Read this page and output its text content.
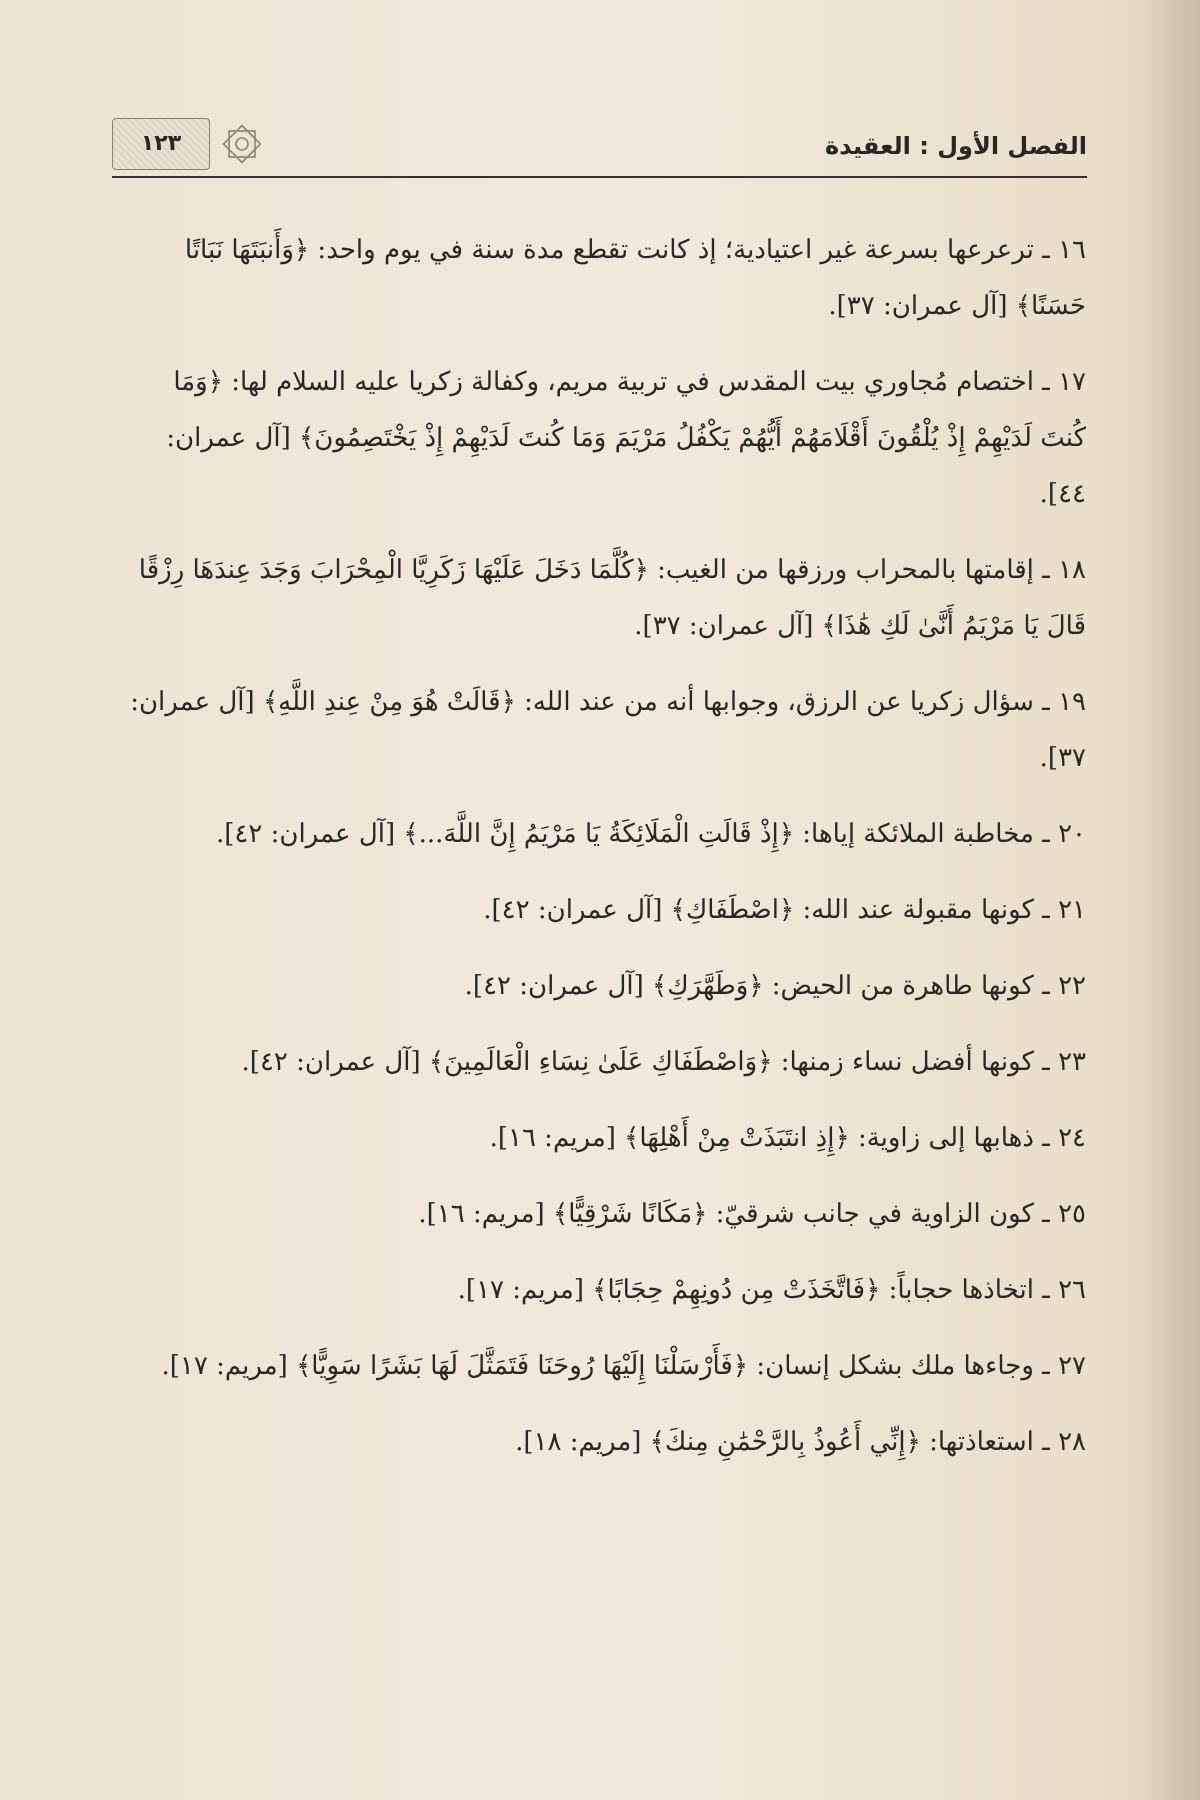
١٢٣	الفصل الأول : العقيدة

١٦ ـ ترعرعها بسرعة غير اعتيادية؛ إذ كانت تقطع مدة سنة في يوم واحد: ﴿وَأَنبَتَهَا نَبَاتًا حَسَنًا﴾ [آل عمران: ٣٧].

١٧ ـ اختصام مُجاوري بيت المقدس في تربية مريم، وكفالة زكريا عليه السلام لها: ﴿وَمَا كُنتَ لَدَيْهِمْ إِذْ يُلْقُونَ أَقْلَامَهُمْ أَيُّهُمْ يَكْفُلُ مَرْيَمَ وَمَا كُنتَ لَدَيْهِمْ إِذْ يَخْتَصِمُونَ﴾ [آل عمران: ٤٤].

١٨ ـ إقامتها بالمحراب ورزقها من الغيب: ﴿كُلَّمَا دَخَلَ عَلَيْهَا زَكَرِيَّا الْمِحْرَابَ وَجَدَ عِندَهَا رِزْقًا قَالَ يَا مَرْيَمُ أَنَّىٰ لَكِ هَٰذَا﴾ [آل عمران: ٣٧].

١٩ ـ سؤال زكريا عن الرزق، وجوابها أنه من عند الله: ﴿قَالَتْ هُوَ مِنْ عِندِ اللَّهِ﴾ [آل عمران: ٣٧].

٢٠ ـ مخاطبة الملائكة إياها: ﴿إِذْ قَالَتِ الْمَلَائِكَةُ يَا مَرْيَمُ إِنَّ اللَّهَ...﴾ [آل عمران: ٤٢].

٢١ ـ كونها مقبولة عند الله: ﴿اصْطَفَاكِ﴾ [آل عمران: ٤٢].

٢٢ ـ كونها طاهرة من الحيض: ﴿وَطَهَّرَكِ﴾ [آل عمران: ٤٢].

٢٣ ـ كونها أفضل نساء زمنها: ﴿وَاصْطَفَاكِ عَلَىٰ نِسَاءِ الْعَالَمِينَ﴾ [آل عمران: ٤٢].

٢٤ ـ ذهابها إلى زاوية: ﴿إِذِ انتَبَذَتْ مِنْ أَهْلِهَا﴾ [مريم: ١٦].

٢٥ ـ كون الزاوية في جانب شرقيّ: ﴿مَكَانًا شَرْقِيًّا﴾ [مريم: ١٦].

٢٦ ـ اتخاذها حجاباً: ﴿فَاتَّخَذَتْ مِن دُونِهِمْ حِجَابًا﴾ [مريم: ١٧].

٢٧ ـ وجاءها ملك بشكل إنسان: ﴿فَأَرْسَلْنَا إِلَيْهَا رُوحَنَا فَتَمَثَّلَ لَهَا بَشَرًا سَوِيًّا﴾ [مريم: ١٧].

٢٨ ـ استعاذتها: ﴿إِنِّي أَعُوذُ بِالرَّحْمَٰنِ مِنكَ﴾ [مريم: ١٨].
